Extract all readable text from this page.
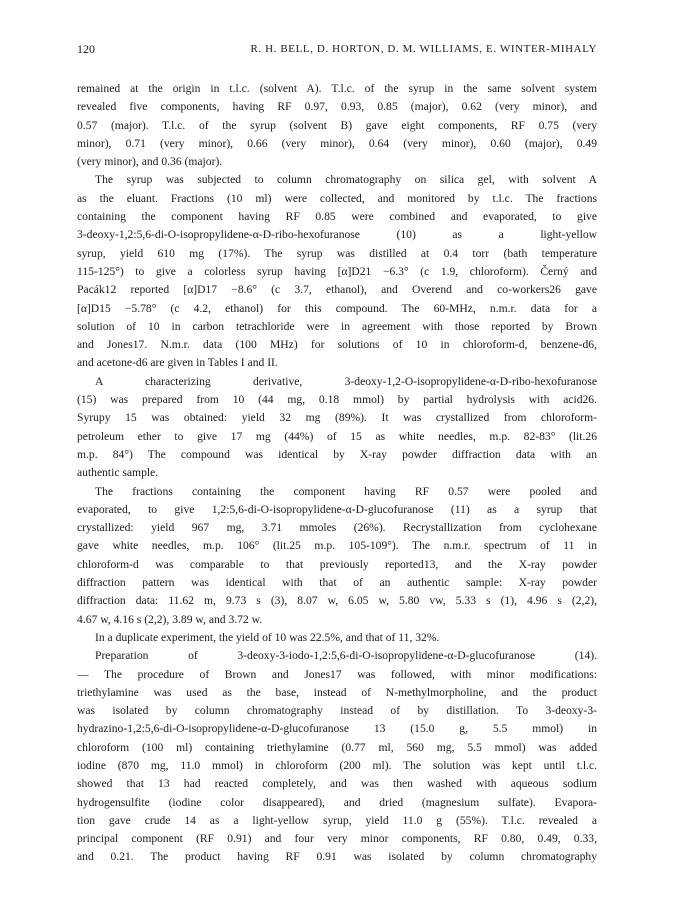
120	R. H. BELL, D. HORTON, D. M. WILLIAMS, E. WINTER-MIHALY
remained at the origin in t.l.c. (solvent A). T.l.c. of the syrup in the same solvent system
revealed five components, having RF 0.97, 0.93, 0.85 (major), 0.62 (very minor), and
0.57 (major). T.l.c. of the syrup (solvent B) gave eight components, RF 0.75 (very
minor), 0.71 (very minor), 0.66 (very minor), 0.64 (very minor), 0.60 (major), 0.49
(very minor), and 0.36 (major).
The syrup was subjected to column chromatography on silica gel, with solvent A
as the eluant. Fractions (10 ml) were collected, and monitored by t.l.c. The fractions
containing the component having RF 0.85 were combined and evaporated, to give
3-deoxy-1,2:5,6-di-O-isopropylidene-α-D-ribo-hexofuranose (10) as a light-yellow
syrup, yield 610 mg (17%). The syrup was distilled at 0.4 torr (bath temperature
115-125°) to give a colorless syrup having [α]D21 −6.3° (c 1.9, chloroform). Černý and
Pacák12 reported [α]D17 −8.6° (c 3.7, ethanol), and Overend and co-workers26 gave
[α]D15 −5.78° (c 4.2, ethanol) for this compound. The 60-MHz, n.m.r. data for a
solution of 10 in carbon tetrachloride were in agreement with those reported by Brown
and Jones17. N.m.r. data (100 MHz) for solutions of 10 in chloroform-d, benzene-d6,
and acetone-d6 are given in Tables I and II.
A characterizing derivative, 3-deoxy-1,2-O-isopropylidene-α-D-ribo-hexofuranose
(15) was prepared from 10 (44 mg, 0.18 mmol) by partial hydrolysis with acid26.
Syrupy 15 was obtained: yield 32 mg (89%). It was crystallized from chloroform-
petroleum ether to give 17 mg (44%) of 15 as white needles, m.p. 82-83° (lit.26
m.p. 84°) The compound was identical by X-ray powder diffraction data with an
authentic sample.
The fractions containing the component having RF 0.57 were pooled and
evaporated, to give 1,2:5,6-di-O-isopropylidene-α-D-glucofuranose (11) as a syrup that
crystallized: yield 967 mg, 3.71 mmoles (26%). Recrystallization from cyclohexane
gave white needles, m.p. 106° (lit.25 m.p. 105-109°). The n.m.r. spectrum of 11 in
chloroform-d was comparable to that previously reported13, and the X-ray powder
diffraction pattern was identical with that of an authentic sample: X-ray powder
diffraction data: 11.62 m, 9.73 s (3), 8.07 w, 6.05 w, 5.80 vw, 5.33 s (1), 4.96 s (2,2),
4.67 w, 4.16 s (2,2), 3.89 w, and 3.72 w.
In a duplicate experiment, the yield of 10 was 22.5%, and that of 11, 32%.
Preparation of 3-deoxy-3-iodo-1,2:5,6-di-O-isopropylidene-α-D-glucofuranose (14).
— The procedure of Brown and Jones17 was followed, with minor modifications:
triethylamine was used as the base, instead of N-methylmorpholine, and the product
was isolated by column chromatography instead of by distillation. To 3-deoxy-3-
hydrazino-1,2:5,6-di-O-isopropylidene-α-D-glucofuranose 13 (15.0 g, 5.5 mmol) in
chloroform (100 ml) containing triethylamine (0.77 ml, 560 mg, 5.5 mmol) was added
iodine (870 mg, 11.0 mmol) in chloroform (200 ml). The solution was kept until t.l.c.
showed that 13 had reacted completely, and was then washed with aqueous sodium
hydrogensulfite (iodine color disappeared), and dried (magnesium sulfate). Evapora-
tion gave crude 14 as a light-yellow syrup, yield 11.0 g (55%). T.l.c. revealed a
principal component (RF 0.91) and four very minor components, RF 0.80, 0.49, 0.33,
and 0.21. The product having RF 0.91 was isolated by column chromatography
